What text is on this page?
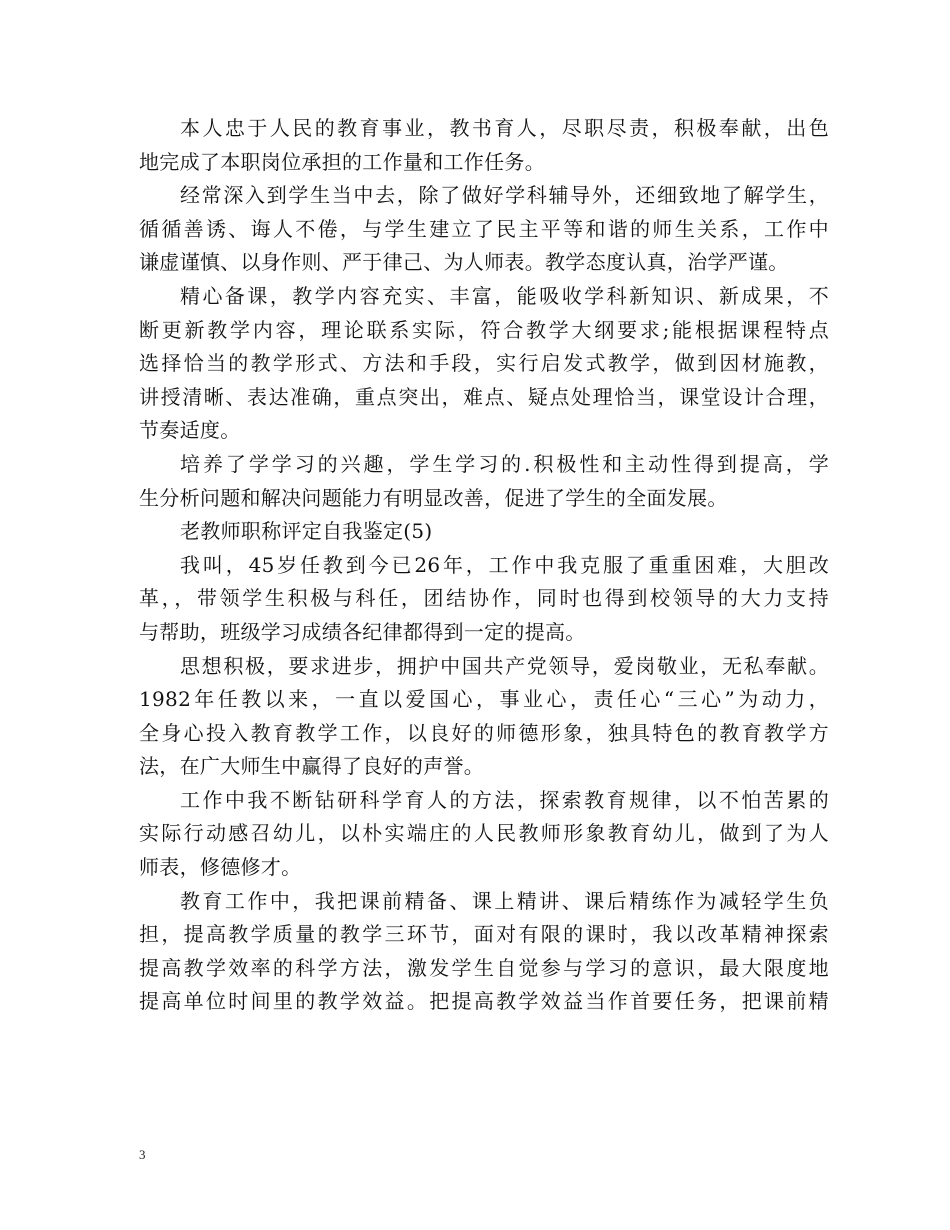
本人忠于人民的教育事业，教书育人，尽职尽责，积极奉献，出色
地完成了本职岗位承担的工作量和工作任务。
经常深入到学生当中去，除了做好学科辅导外，还细致地了解学生，
循循善诱、诲人不倦，与学生建立了民主平等和谐的师生关系，工作中
谦虚谨慎、以身作则、严于律己、为人师表。教学态度认真，治学严谨。
精心备课，教学内容充实、丰富，能吸收学科新知识、新成果，不
断更新教学内容，理论联系实际，符合教学大纲要求;能根据课程特点
选择恰当的教学形式、方法和手段，实行启发式教学，做到因材施教，
讲授清晰、表达准确，重点突出，难点、疑点处理恰当，课堂设计合理，
节奏适度。
培养了学学习的兴趣，学生学习的.积极性和主动性得到提高，学
生分析问题和解决问题能力有明显改善，促进了学生的全面发展。
老教师职称评定自我鉴定(5)
我叫，45岁任教到今已26年，工作中我克服了重重困难，大胆改
革，，带领学生积极与科任，团结协作，同时也得到校领导的大力支持
与帮助，班级学习成绩各纪律都得到一定的提高。
思想积极，要求进步，拥护中国共产党领导，爱岗敬业，无私奉献。
1982年任教以来，一直以爱国心，事业心，责任心“三心”为动力，
全身心投入教育教学工作，以良好的师德形象，独具特色的教育教学方
法，在广大师生中赢得了良好的声誉。
工作中我不断钻研科学育人的方法，探索教育规律，以不怕苦累的
实际行动感召幼儿，以朴实端庄的人民教师形象教育幼儿，做到了为人
师表，修德修才。
教育工作中，我把课前精备、课上精讲、课后精练作为减轻学生负
担，提高教学质量的教学三环节，面对有限的课时，我以改革精神探索
提高教学效率的科学方法，激发学生自觉参与学习的意识，最大限度地
提高单位时间里的教学效益。把提高教学效益当作首要任务，把课前精
3
